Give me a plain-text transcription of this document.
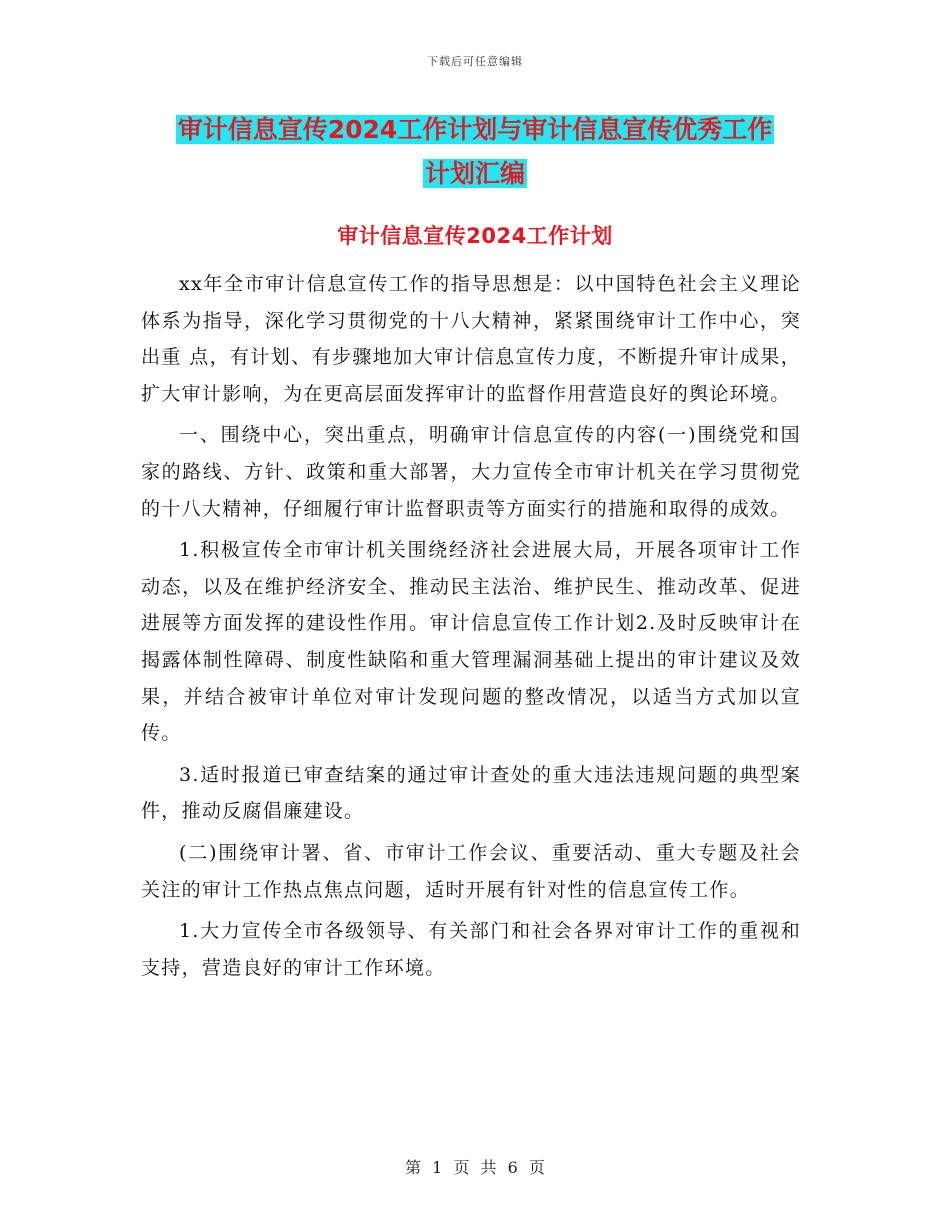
下载后可任意编辑
审计信息宣传2024工作计划与审计信息宣传优秀工作
计划汇编
审计信息宣传2024工作计划

xx年全市审计信息宣传工作的指导思想是：以中国特色社会主义理论体系为指导，深化学习贯彻党的十八大精神，紧紧围绕审计工作中心，突出重 点，有计划、有步骤地加大审计信息宣传力度，不断提升审计成果，扩大审计影响，为在更高层面发挥审计的监督作用营造良好的舆论环境。

一、围绕中心，突出重点，明确审计信息宣传的内容(一)围绕党和国家的路线、方针、政策和重大部署，大力宣传全市审计机关在学习贯彻党的十八大精神，仔细履行审计监督职责等方面实行的措施和取得的成效。

1.积极宣传全市审计机关围绕经济社会进展大局，开展各项审计工作动态，以及在维护经济安全、推动民主法治、维护民生、推动改革、促进进展等方面发挥的建设性作用。审计信息宣传工作计划2.及时反映审计在揭露体制性障碍、制度性缺陷和重大管理漏洞基础上提出的审计建议及效果，并结合被审计单位对审计发现问题的整改情况，以适当方式加以宣传。

3.适时报道已审查结案的通过审计查处的重大违法违规问题的典型案件，推动反腐倡廉建设。

(二)围绕审计署、省、市审计工作会议、重要活动、重大专题及社会关注的审计工作热点焦点问题，适时开展有针对性的信息宣传工作。

1.大力宣传全市各级领导、有关部门和社会各界对审计工作的重视和支持，营造良好的审计工作环境。

第 1 页 共 6 页
